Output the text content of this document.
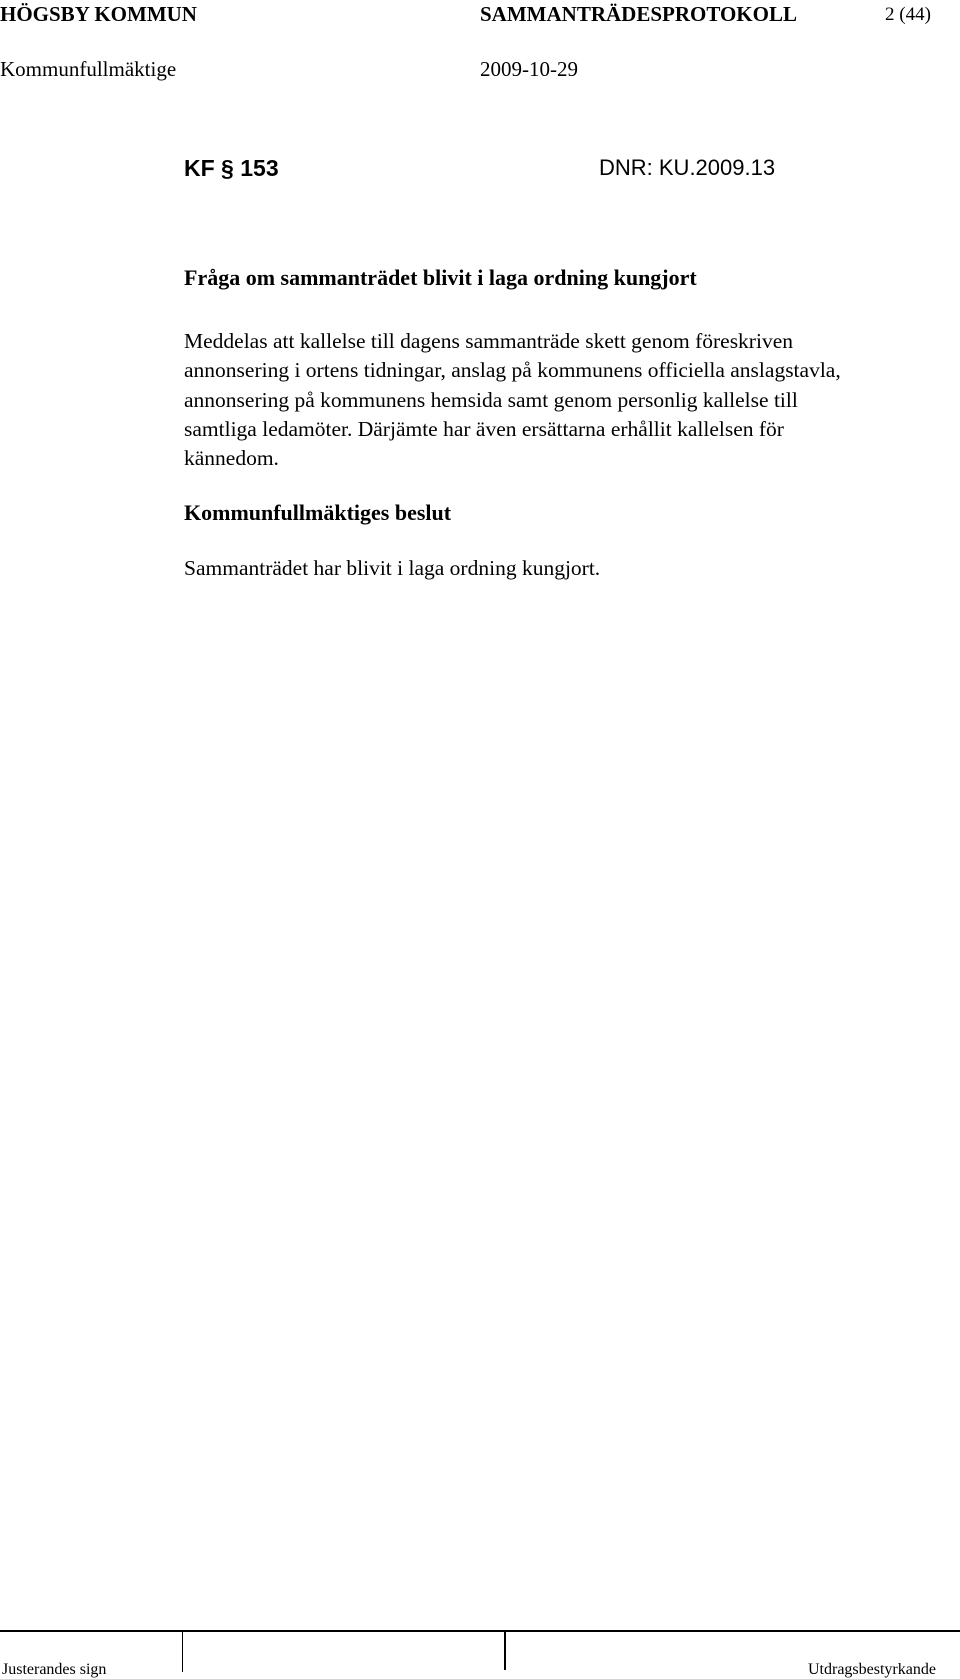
HÖGSBY KOMMUN	SAMMANTRÄDESPROTOKOLL	2 (44)
Kommunfullmäktige	2009-10-29
KF § 153	DNR: KU.2009.13
Fråga om sammanträdet blivit i laga ordning kungjort
Meddelas att kallelse till dagens sammanträde skett genom föreskriven
annonsering i ortens tidningar, anslag på kommunens officiella anslagstavla,
annonsering på kommunens hemsida samt genom personlig kallelse till
samtliga ledamöter. Därjämte har även ersättarna erhållit kallelsen för
kännedom.
Kommunfullmäktiges beslut
Sammanträdet har blivit i laga ordning kungjort.
Justerandes sign	Utdragsbestyrkande
